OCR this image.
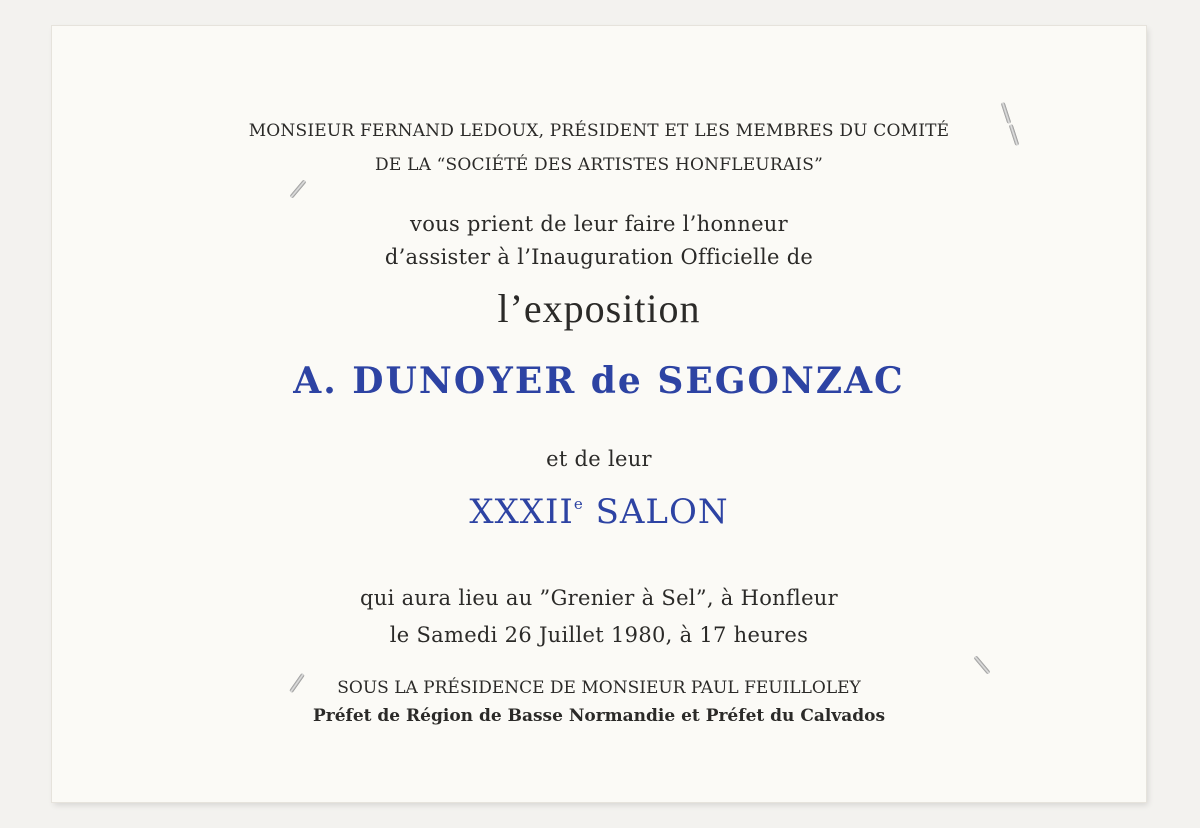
MONSIEUR FERNAND LEDOUX, PRÉSIDENT ET LES MEMBRES DU COMITÉ
DE LA “SOCIÉTÉ DES ARTISTES HONFLEURAIS”
vous prient de leur faire l’honneur
d’assister à l’Inauguration Officielle de
l’exposition
A. DUNOYER de SEGONZAC
et de leur
XXXIIe SALON
qui aura lieu au ”Grenier à Sel”, à Honfleur
le Samedi 26 Juillet 1980, à 17 heures
SOUS LA PRÉSIDENCE DE MONSIEUR PAUL FEUILLOLEY
Préfet de Région de Basse Normandie et Préfet du Calvados
